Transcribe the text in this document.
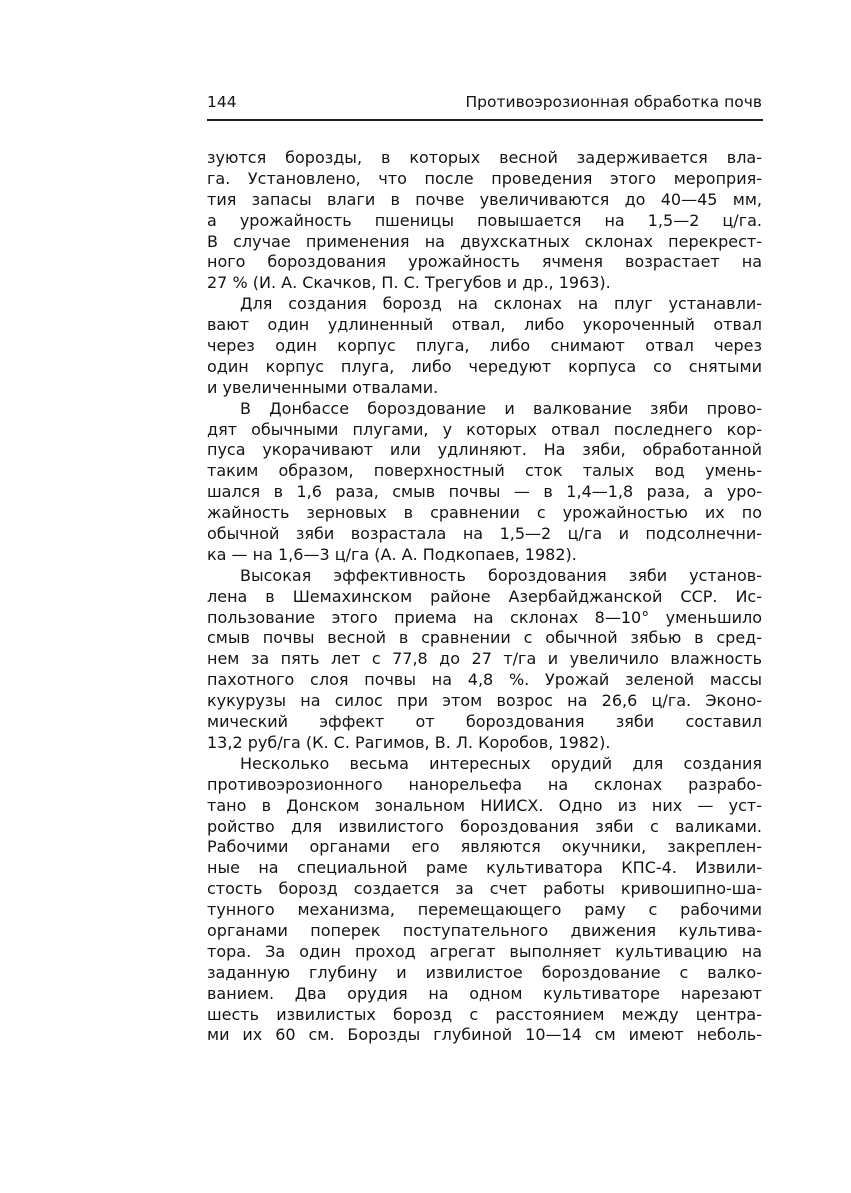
144	Противоэрозионная обработка почв
зуются борозды, в которых весной задерживается вла-
га. Установлено, что после проведения этого мероприя-
тия запасы влаги в почве увеличиваются до 40—45 мм,
а урожайность пшеницы повышается на 1,5—2 ц/га.
В случае применения на двухскатных склонах перекрест-
ного бороздования урожайность ячменя возрастает на
27 % (И. А. Скачков, П. С. Трегубов и др., 1963).
Для создания борозд на склонах на плуг устанавли-
вают один удлиненный отвал, либо укороченный отвал
через один корпус плуга, либо снимают отвал через
один корпус плуга, либо чередуют корпуса со снятыми
и увеличенными отвалами.
В Донбассе бороздование и валкование зяби прово-
дят обычными плугами, у которых отвал последнего кор-
пуса укорачивают или удлиняют. На зяби, обработанной
таким образом, поверхностный сток талых вод умень-
шался в 1,6 раза, смыв почвы — в 1,4—1,8 раза, а уро-
жайность зерновых в сравнении с урожайностью их по
обычной зяби возрастала на 1,5—2 ц/га и подсолнечни-
ка — на 1,6—3 ц/га (А. А. Подкопаев, 1982).
Высокая эффективность бороздования зяби установ-
лена в Шемахинском районе Азербайджанской ССР. Ис-
пользование этого приема на склонах 8—10° уменьшило
смыв почвы весной в сравнении с обычной зябью в сред-
нем за пять лет с 77,8 до 27 т/га и увеличило влажность
пахотного слоя почвы на 4,8 %. Урожай зеленой массы
кукурузы на силос при этом возрос на 26,6 ц/га. Эконо-
мический эффект от бороздования зяби составил
13,2 руб/га (К. С. Рагимов, В. Л. Коробов, 1982).
Несколько весьма интересных орудий для создания
противоэрозионного нанорельефа на склонах разрабо-
тано в Донском зональном НИИСХ. Одно из них — уст-
ройство для извилистого бороздования зяби с валиками.
Рабочими органами его являются окучники, закреплен-
ные на специальной раме культиватора КПС-4. Извили-
стость борозд создается за счет работы кривошипно-ша-
тунного механизма, перемещающего раму с рабочими
органами поперек поступательного движения культива-
тора. За один проход агрегат выполняет культивацию на
заданную глубину и извилистое бороздование с валко-
ванием. Два орудия на одном культиваторе нарезают
шесть извилистых борозд с расстоянием между центра-
ми их 60 см. Борозды глубиной 10—14 см имеют неболь-
